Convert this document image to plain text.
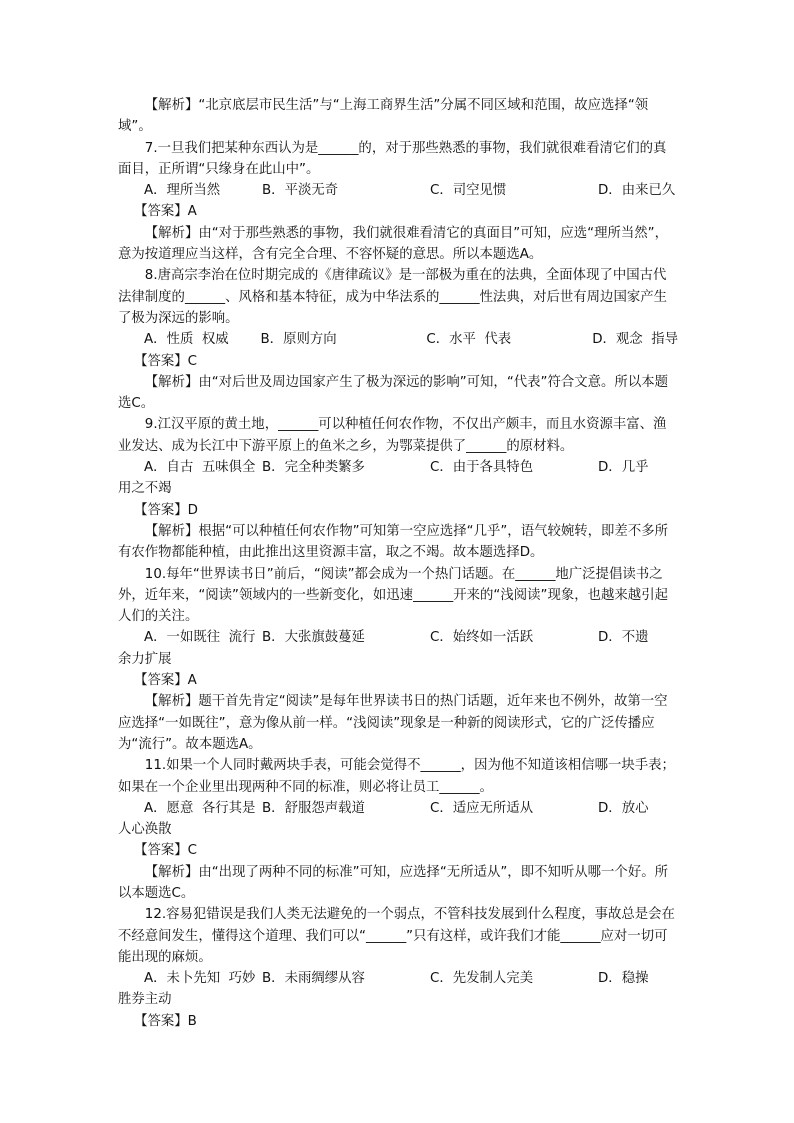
【解析】“北京底层市民生活”与“上海工商界生活”分属不同区域和范围，故应选择“领域”。

7.一旦我们把某种东西认为是______的，对于那些熟悉的事物，我们就很难看清它们的真面目，正所谓“只缘身在此山中”。

A．理所当然	B．平淡无奇	C．司空见惯	D．由来已久

【答案】A

【解析】由“对于那些熟悉的事物，我们就很难看清它的真面目”可知，应选“理所当然”，意为按道理应当这样，含有完全合理、不容怀疑的意思。所以本题选A。

8.唐高宗李治在位时期完成的《唐律疏议》是一部极为重在的法典，全面体现了中国古代法律制度的______、风格和基本特征，成为中华法系的______性法典，对后世有周边国家产生了极为深远的影响。

A．性质  权威	B．原则方向	C．水平  代表	D．观念  指导

【答案】C

【解析】由“对后世及周边国家产生了极为深远的影响”可知，“代表”符合文意。所以本题选C。

9.江汉平原的黄土地，______可以种植任何农作物，不仅出产颇丰，而且水资源丰富、渔业发达、成为长江中下游平原上的鱼米之乡，为鄂菜提供了______的原材料。

A．自古  五味俱全 B．完全种类繁多	C．由于各具特色	D．几乎

用之不竭

【答案】D

【解析】根据“可以种植任何农作物”可知第一空应选择“几乎”，语气较婉转，即差不多所有农作物都能种植，由此推出这里资源丰富，取之不竭。故本题选择D。

10.每年“世界读书日”前后，“阅读”都会成为一个热门话题。在______地广泛提倡读书之外，近年来，“阅读”领域内的一些新变化，如迅速______开来的“浅阅读”现象，也越来越引起人们的关注。

A．一如既往  流行 B．大张旗鼓蔓延	C．始终如一活跃	D．不遗

余力扩展

【答案】A

【解析】题干首先肯定“阅读”是每年世界读书日的热门话题，近年来也不例外，故第一空应选择“一如既往”，意为像从前一样。“浅阅读”现象是一种新的阅读形式，它的广泛传播应为“流行”。故本题选A。

11.如果一个人同时戴两块手表，可能会觉得不______，因为他不知道该相信哪一块手表；如果在一个企业里出现两种不同的标准，则必将让员工______。

A．愿意  各行其是 B．舒服怨声载道	C．适应无所适从	D．放心

人心涣散

【答案】C

【解析】由“出现了两种不同的标准”可知，应选择“无所适从”，即不知听从哪一个好。所以本题选C。

12.容易犯错误是我们人类无法避免的一个弱点，不管科技发展到什么程度，事故总是会在不经意间发生，懂得这个道理、我们可以“______”只有这样，或许我们才能______应对一切可能出现的麻烦。

A．未卜先知  巧妙 B．未雨绸缪从容	C．先发制人完美	D．稳操

胜券主动

【答案】B
